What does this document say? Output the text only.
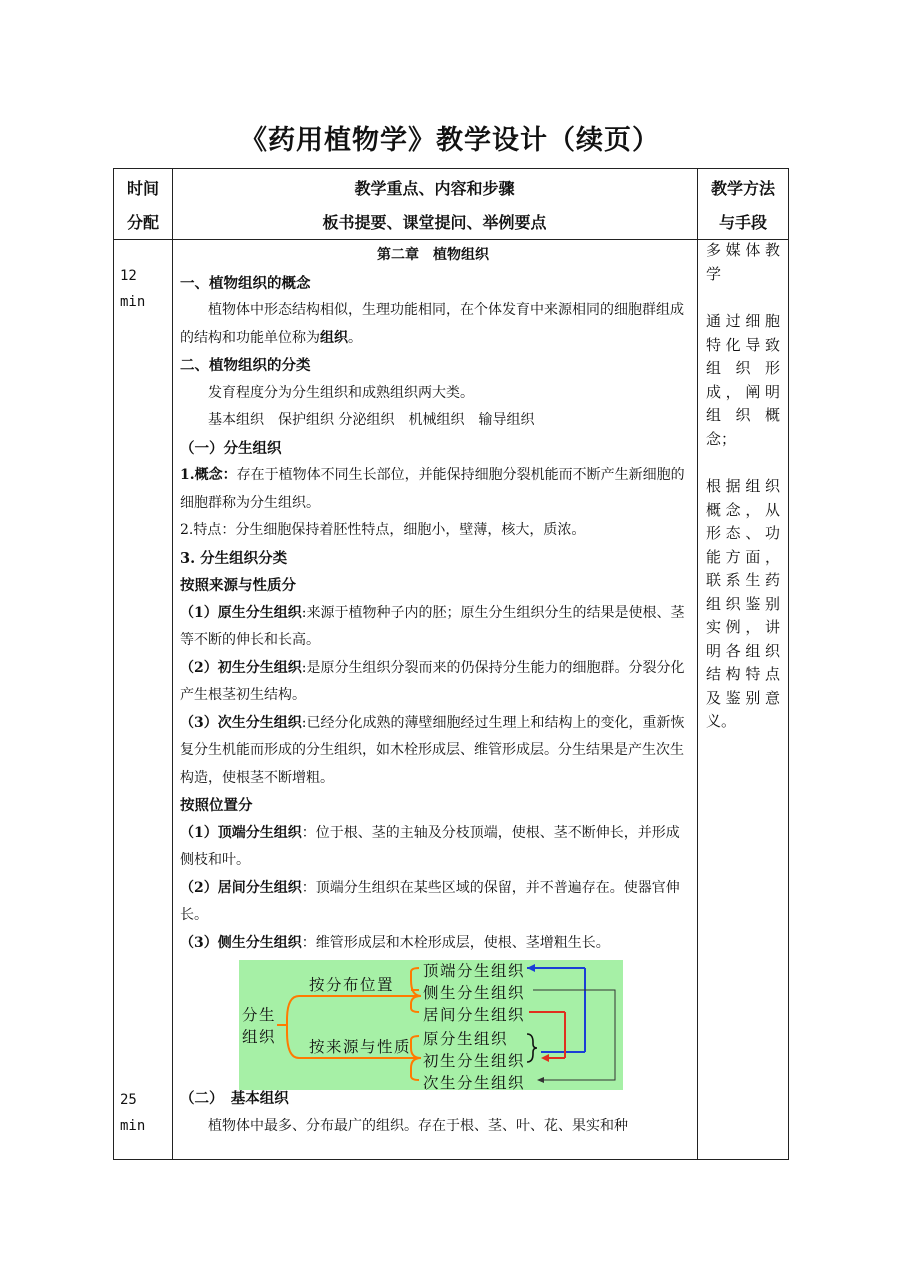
《药用植物学》教学设计（续页）
时间
分配
教学重点、内容和步骤
板书提要、课堂提问、举例要点
教学方法
与手段
12
min
25
min
多媒体教学
通过细胞特化导致组织形成，阐明组织概念；
根据组织概念，从形态、功能方面，联系生药组织鉴别实例，讲明各组织结构特点及鉴别意义。

第二章　植物组织

一、植物组织的概念

植物体中形态结构相似，生理功能相同，在个体发育中来源相同的细胞群组成的结构和功能单位称为组织。

二、植物组织的分类

发育程度分为分生组织和成熟组织两大类。

基本组织　保护组织 分泌组织　机械组织　输导组织

（一）分生组织

1.概念：存在于植物体不同生长部位，并能保持细胞分裂机能而不断产生新细胞的细胞群称为分生组织。

2.特点：分生细胞保持着胚性特点，细胞小，壁薄，核大，质浓。

3. 分生组织分类

按照来源与性质分

（1）原生分生组织:来源于植物种子内的胚；原生分生组织分生的结果是使根、茎等不断的伸长和长高。

（2）初生分生组织:是原分生组织分裂而来的仍保持分生能力的细胞群。分裂分化产生根茎初生结构。

（3）次生分生组织:已经分化成熟的薄壁细胞经过生理上和结构上的变化，重新恢复分生机能而形成的分生组织，如木栓形成层、维管形成层。分生结果是产生次生构造，使根茎不断增粗。

按照位置分

（1）顶端分生组织：位于根、茎的主轴及分枝顶端，使根、茎不断伸长，并形成侧枝和叶。

（2）居间分生组织：顶端分生组织在某些区域的保留，并不普遍存在。使器官伸长。

（3）侧生分生组织：维管形成层和木栓形成层，使根、茎增粗生长。

分生
组织
按分布位置
按来源与性质
顶端分生组织
侧生分生组织
居间分生组织
原分生组织
初生分生组织
次生分生组织

（二）　基本组织

植物体中最多、分布最广的组织。存在于根、茎、叶、花、果实和种
